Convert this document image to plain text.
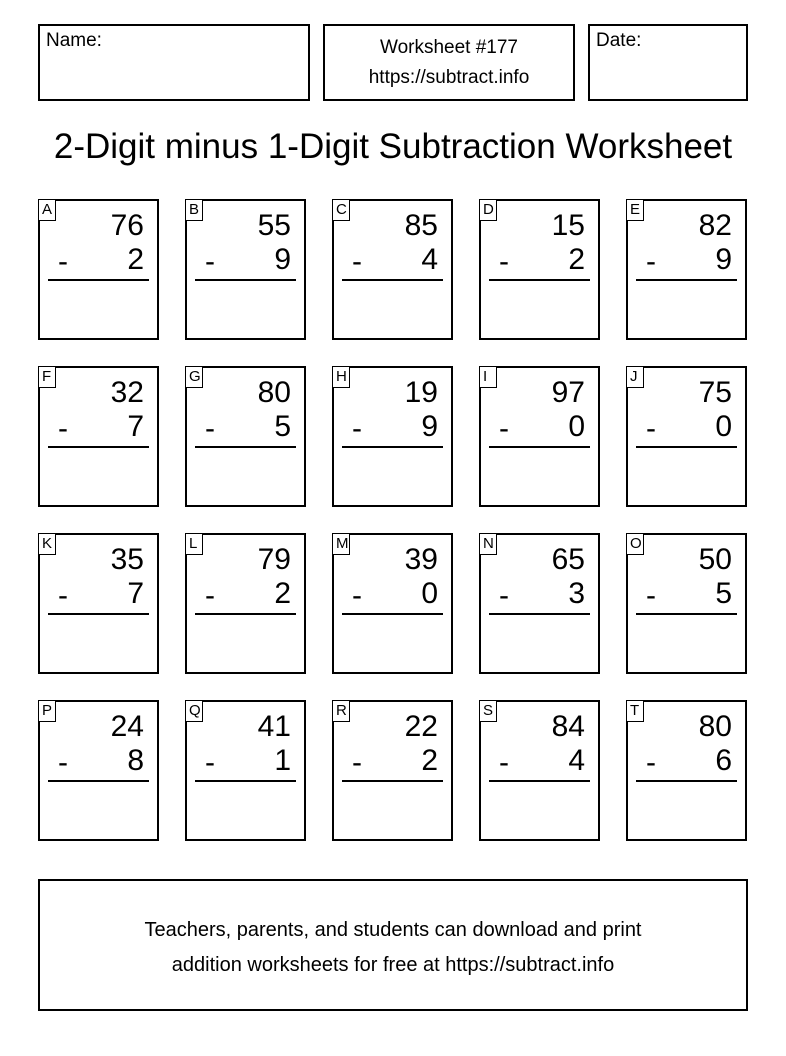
Name:	Worksheet #177
https://subtract.info
Date:
2-Digit minus 1-Digit Subtraction Worksheet
A 76
- 2
B 55
- 9
C 85
- 4
D 15
- 2
E 82
- 9
F 32
- 7
G 80
- 5
H 19
- 9
I	97
- 0
J 75
- 0
K 35
- 7
L 79
- 2
M 39
- 0
N 65
- 3
O 50
- 5
P 24
- 8
Q 41
- 1
R 22
- 2
S 84
- 4
T 80
- 6
Teachers, parents, and students can download and print
addition worksheets for free at https://subtract.info
